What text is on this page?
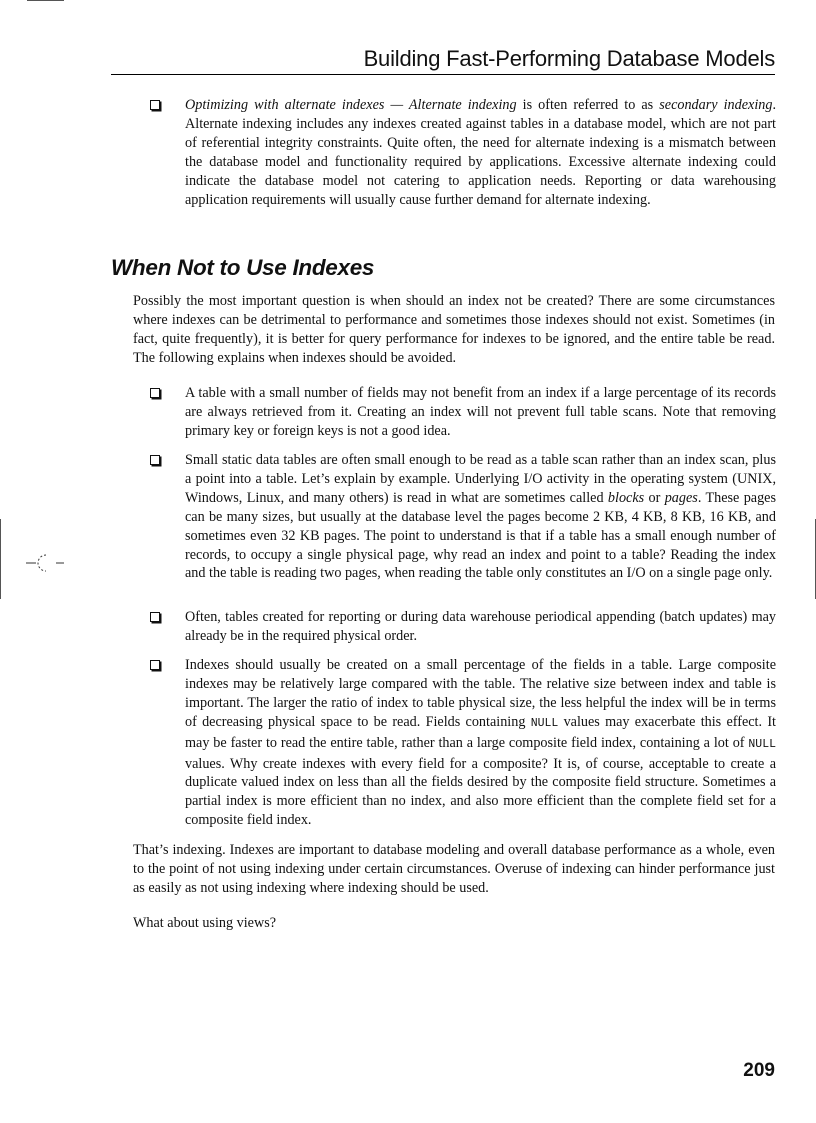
Building Fast-Performing Database Models
Optimizing with alternate indexes — Alternate indexing is often referred to as secondary indexing. Alternate indexing includes any indexes created against tables in a database model, which are not part of referential integrity constraints. Quite often, the need for alternate indexing is a mismatch between the database model and functionality required by applications. Excessive alternate indexing could indicate the database model not catering to application needs. Reporting or data warehousing application requirements will usually cause further demand for alternate indexing.
When Not to Use Indexes
Possibly the most important question is when should an index not be created? There are some circumstances where indexes can be detrimental to performance and sometimes those indexes should not exist. Sometimes (in fact, quite frequently), it is better for query performance for indexes to be ignored, and the entire table be read. The following explains when indexes should be avoided.
A table with a small number of fields may not benefit from an index if a large percentage of its records are always retrieved from it. Creating an index will not prevent full table scans. Note that removing primary key or foreign keys is not a good idea.
Small static data tables are often small enough to be read as a table scan rather than an index scan, plus a point into a table. Let’s explain by example. Underlying I/O activity in the operating system (UNIX, Windows, Linux, and many others) is read in what are sometimes called blocks or pages. These pages can be many sizes, but usually at the database level the pages become 2 KB, 4 KB, 8 KB, 16 KB, and sometimes even 32 KB pages. The point to understand is that if a table has a small enough number of records, to occupy a single physical page, why read an index and point to a table? Reading the index and the table is reading two pages, when reading the table only constitutes an I/O on a single page only.
Often, tables created for reporting or during data warehouse periodical appending (batch updates) may already be in the required physical order.
Indexes should usually be created on a small percentage of the fields in a table. Large composite indexes may be relatively large compared with the table. The relative size between index and table is important. The larger the ratio of index to table physical size, the less helpful the index will be in terms of decreasing physical space to be read. Fields containing NULL values may exacerbate this effect. It may be faster to read the entire table, rather than a large composite field index, containing a lot of NULL values. Why create indexes with every field for a composite? It is, of course, acceptable to create a duplicate valued index on less than all the fields desired by the composite field structure. Sometimes a partial index is more efficient than no index, and also more efficient than the complete field set for a composite field index.
That’s indexing. Indexes are important to database modeling and overall database performance as a whole, even to the point of not using indexing under certain circumstances. Overuse of indexing can hinder performance just as easily as not using indexing where indexing should be used.
What about using views?
209
